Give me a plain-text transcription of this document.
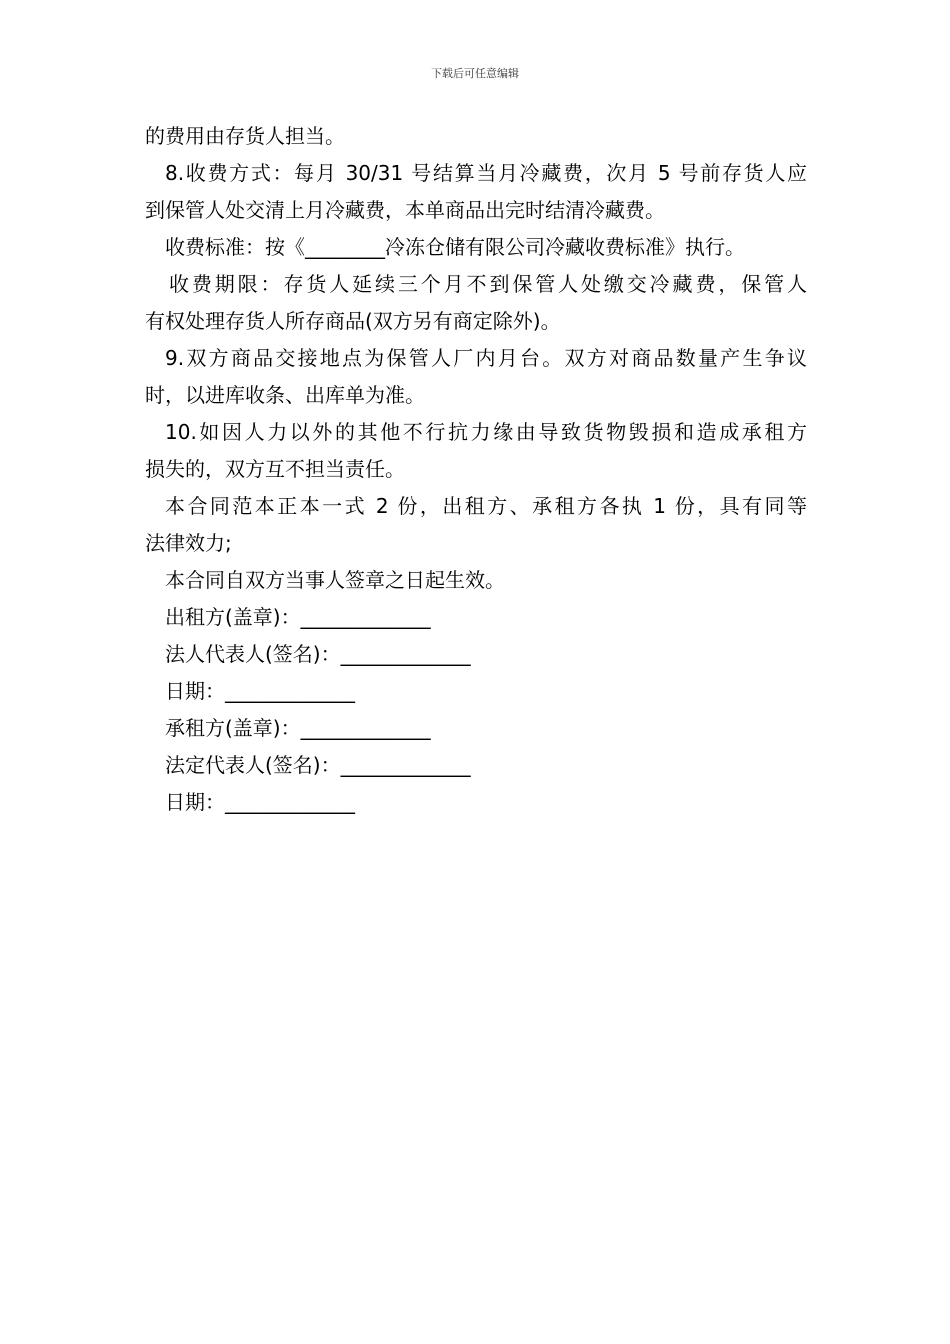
下载后可任意编辑

的费用由存货人担当。

8.收费方式：每月 30/31 号结算当月冷藏费，次月 5 号前存货人应

到保管人处交清上月冷藏费，本单商品出完时结清冷藏费。

收费标准：按《________冷冻仓储有限公司冷藏收费标准》执行。

收费期限：存货人延续三个月不到保管人处缴交冷藏费，保管人

有权处理存货人所存商品(双方另有商定除外)。

9.双方商品交接地点为保管人厂内月台。双方对商品数量产生争议

时，以进库收条、出库单为准。

10.如因人力以外的其他不行抗力缘由导致货物毁损和造成承租方

损失的，双方互不担当责任。

本合同范本正本一式 2 份，出租方、承租方各执 1 份，具有同等

法律效力;

本合同自双方当事人签章之日起生效。

出租方(盖章)：_____________

法人代表人(签名)：_____________

日期：_____________

承租方(盖章)：_____________

法定代表人(签名)：_____________

日期：_____________
